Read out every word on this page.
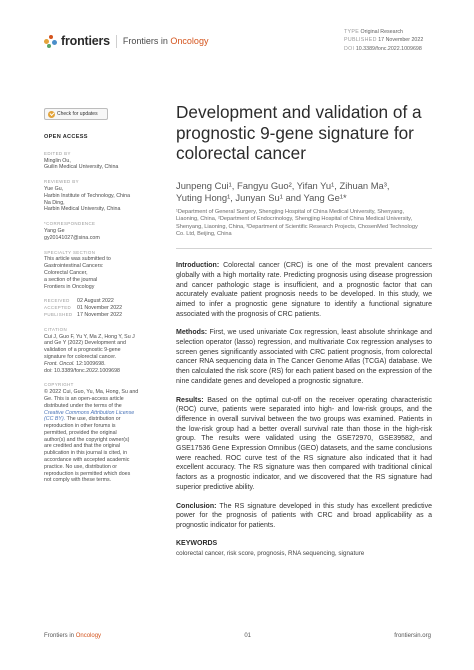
frontiers Frontiers in Oncology
TYPE Original Research
PUBLISHED 17 November 2022
DOI 10.3389/fonc.2022.1009698
Check for updates
OPEN ACCESS
EDITED BY
Minglin Ou,
Guilin Medical University, China
REVIEWED BY
Yue Gu,
Harbin Institute of Technology, China
Na Ding,
Harbin Medical University, China
*CORRESPONDENCE
Yang Ge
gy20141027@sina.com
SPECIALTY SECTION
This article was submitted to
Gastrointestinal Cancers:
Colorectal Cancer,
a section of the journal
Frontiers in Oncology
RECEIVED	02 August 2022
ACCEPTED	01 November 2022
PUBLISHED 17 November 2022
CITATION
Cui J, Guo F, Yu Y, Ma Z, Hong Y, Su J
and Ge Y (2022) Development and
validation of a prognostic 9-gene
signature for colorectal cancer.
Front. Oncol. 12:1009698.
doi: 10.3389/fonc.2022.1009698
COPYRIGHT
© 2022 Cui, Guo, Yu, Ma, Hong, Su and
Ge. This is an open-access article
distributed under the terms of the
Creative Commons Attribution License
(CC BY). The use, distribution or
reproduction in other forums is
permitted, provided the original
author(s) and the copyright owner(s)
are credited and that the original
publication in this journal is cited, in
accordance with accepted academic
practice. No use, distribution or
reproduction is permitted which does
not comply with these terms.
Development and validation of a prognostic 9-gene signature for colorectal cancer
Junpeng Cui¹, Fangyu Guo², Yifan Yu¹, Zihuan Ma³,
Yuting Hong¹, Junyan Su¹ and Yang Ge¹*
¹Department of General Surgery, Shengjing Hospital of China Medical University, Shenyang,
Liaoning, China, ²Department of Endocrinology, Shengjing Hospital of China Medical University,
Shenyang, Liaoning, China, ³Department of Scientific Research Projects, ChosenMed Technology
Co. Ltd, Beijing, China

Introduction: Colorectal cancer (CRC) is one of the most prevalent cancers globally with a high mortality rate. Predicting prognosis using disease progression and cancer pathologic stage is insufficient, and a prognostic factor that can accurately evaluate patient prognosis needs to be developed. In this study, we aimed to infer a prognostic gene signature to identify a functional signature associated with the prognosis of CRC patients.

Methods: First, we used univariate Cox regression, least absolute shrinkage and selection operator (lasso) regression, and multivariate Cox regression analyses to screen genes significantly associated with CRC patient prognosis, from colorectal cancer RNA sequencing data in The Cancer Genome Atlas (TCGA) database. We then calculated the risk score (RS) for each patient based on the expression of the nine candidate genes and developed a prognostic signature.

Results: Based on the optimal cut-off on the receiver operating characteristic (ROC) curve, patients were separated into high- and low-risk groups, and the difference in overall survival between the two groups was examined. Patients in the low-risk group had a better overall survival rate than those in the high-risk group. The results were validated using the GSE72970, GSE39582, and GSE17536 Gene Expression Omnibus (GEO) datasets, and the same conclusions were reached. ROC curve test of the RS signature also indicated that it had excellent accuracy. The RS signature was then compared with traditional clinical factors as a prognostic indicator, and we discovered that the RS signature had superior predictive ability.

Conclusion: The RS signature developed in this study has excellent predictive power for the prognosis of patients with CRC and broad applicability as a prognostic indicator for patients.

KEYWORDS
colorectal cancer, risk score, prognosis, RNA sequencing, signature
Frontiers in Oncology	01	frontiersin.org
